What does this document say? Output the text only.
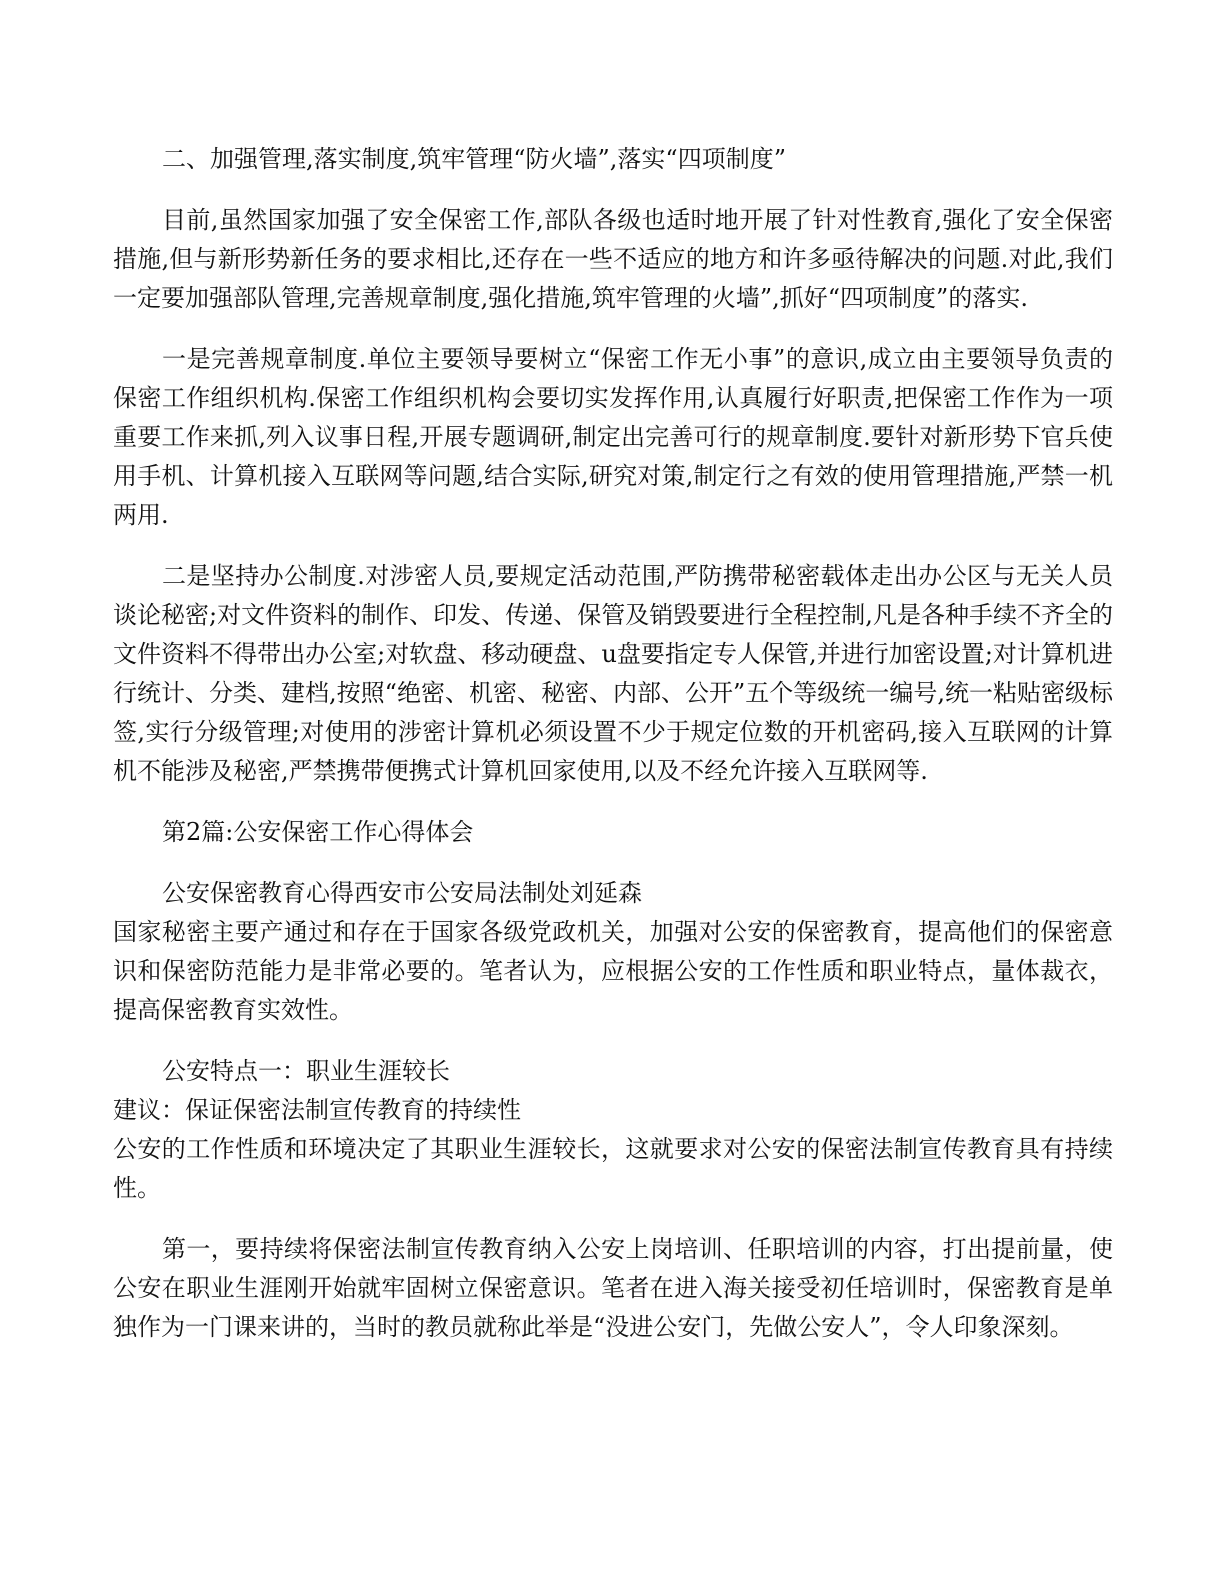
二、加强管理,落实制度,筑牢管理“防火墙”,落实“四项制度”

目前,虽然国家加强了安全保密工作,部队各级也适时地开展了针对性教育,强化了安全保密措施,但与新形势新任务的要求相比,还存在一些不适应的地方和许多亟待解决的问题.对此,我们一定要加强部队管理,完善规章制度,强化措施,筑牢管理的火墙”,抓好“四项制度”的落实.

一是完善规章制度.单位主要领导要树立“保密工作无小事”的意识,成立由主要领导负责的保密工作组织机构.保密工作组织机构会要切实发挥作用,认真履行好职责,把保密工作作为一项重要工作来抓,列入议事日程,开展专题调研,制定出完善可行的规章制度.要针对新形势下官兵使用手机、计算机接入互联网等问题,结合实际,研究对策,制定行之有效的使用管理措施,严禁一机两用.

二是坚持办公制度.对涉密人员,要规定活动范围,严防携带秘密载体走出办公区与无关人员谈论秘密;对文件资料的制作、印发、传递、保管及销毁要进行全程控制,凡是各种手续不齐全的文件资料不得带出办公室;对软盘、移动硬盘、u盘要指定专人保管,并进行加密设置;对计算机进行统计、分类、建档,按照“绝密、机密、秘密、内部、公开”五个等级统一编号,统一粘贴密级标签,实行分级管理;对使用的涉密计算机必须设置不少于规定位数的开机密码,接入互联网的计算机不能涉及秘密,严禁携带便携式计算机回家使用,以及不经允许接入互联网等.

第2篇:公安保密工作心得体会

公安保密教育心得西安市公安局法制处刘延森

国家秘密主要产通过和存在于国家各级党政机关，加强对公安的保密教育，提高他们的保密意识和保密防范能力是非常必要的。笔者认为，应根据公安的工作性质和职业特点，量体裁衣，提高保密教育实效性。

公安特点一：职业生涯较长

建议：保证保密法制宣传教育的持续性

公安的工作性质和环境决定了其职业生涯较长，这就要求对公安的保密法制宣传教育具有持续性。

第一，要持续将保密法制宣传教育纳入公安上岗培训、任职培训的内容，打出提前量，使公安在职业生涯刚开始就牢固树立保密意识。笔者在进入海关接受初任培训时，保密教育是单独作为一门课来讲的，当时的教员就称此举是“没进公安门，先做公安人”，令人印象深刻。
